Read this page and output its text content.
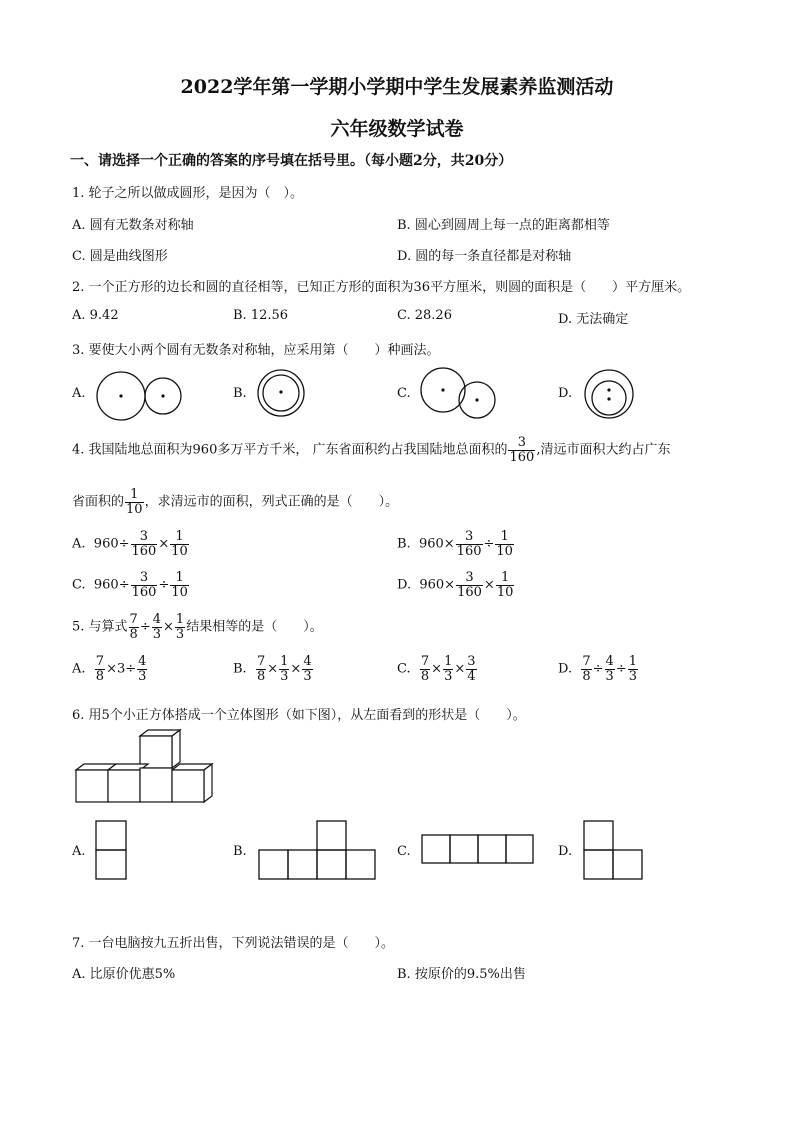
2022学年第一学期小学期中学生发展素养监测活动
六年级数学试卷
一、请选择一个正确的答案的序号填在括号里。（每小题2分，共20分）
1. 轮子之所以做成圆形，是因为（　）。
A. 圆有无数条对称轴	B. 圆心到圆周上每一点的距离都相等
C. 圆是曲线图形	D. 圆的每一条直径都是对称轴
2. 一个正方形的边长和圆的直径相等，已知正方形的面积为36平方厘米，则圆的面积是（　　）平方厘米。
A. 9.42	B. 12.56	C. 28.26	D. 无法确定
3. 要使大小两个圆有无数条对称轴，应采用第（　　）种画法。
A.	B.	C.	D.
4. 我国陆地总面积为960多万平方千米， 广东省面积约占我国陆地总面积的 $\frac{3}{160}$ ,清远市面积大约占广东
省面积的 $\frac{1}{10}$ ，求清远市的面积，列式正确的是（　　）。
A. $960\div \frac{3}{160} \times \frac{1}{10}$	B. $960\times \frac{3}{160} \div \frac{1}{10}$
C. $960\div \frac{3}{160} \div \frac{1}{10}$	D. $960\times \frac{3}{160} \times \frac{1}{10}$
5. 与算式 $\frac{7}{8} \div \frac{4}{3} \times \frac{1}{3}$ 结果相等的是（　　）。
A. $\frac{7}{8} \times 3\div \frac{4}{3}$	B. $\frac{7}{8} \times \frac{1}{3} \times \frac{4}{3}$	C. $\frac{7}{8} \times \frac{1}{3} \times \frac{3}{4}$	D. $\frac{7}{8} \div \frac{4}{3} \div \frac{1}{3}$
6. 用5个小正方体搭成一个立体图形（如下图），从左面看到的形状是（　　）。
A.	B.	C.	D.
7. 一台电脑按九五折出售，下列说法错误的是（　　）。
A. 比原价优惠5%	B. 按原价的9.5%出售
